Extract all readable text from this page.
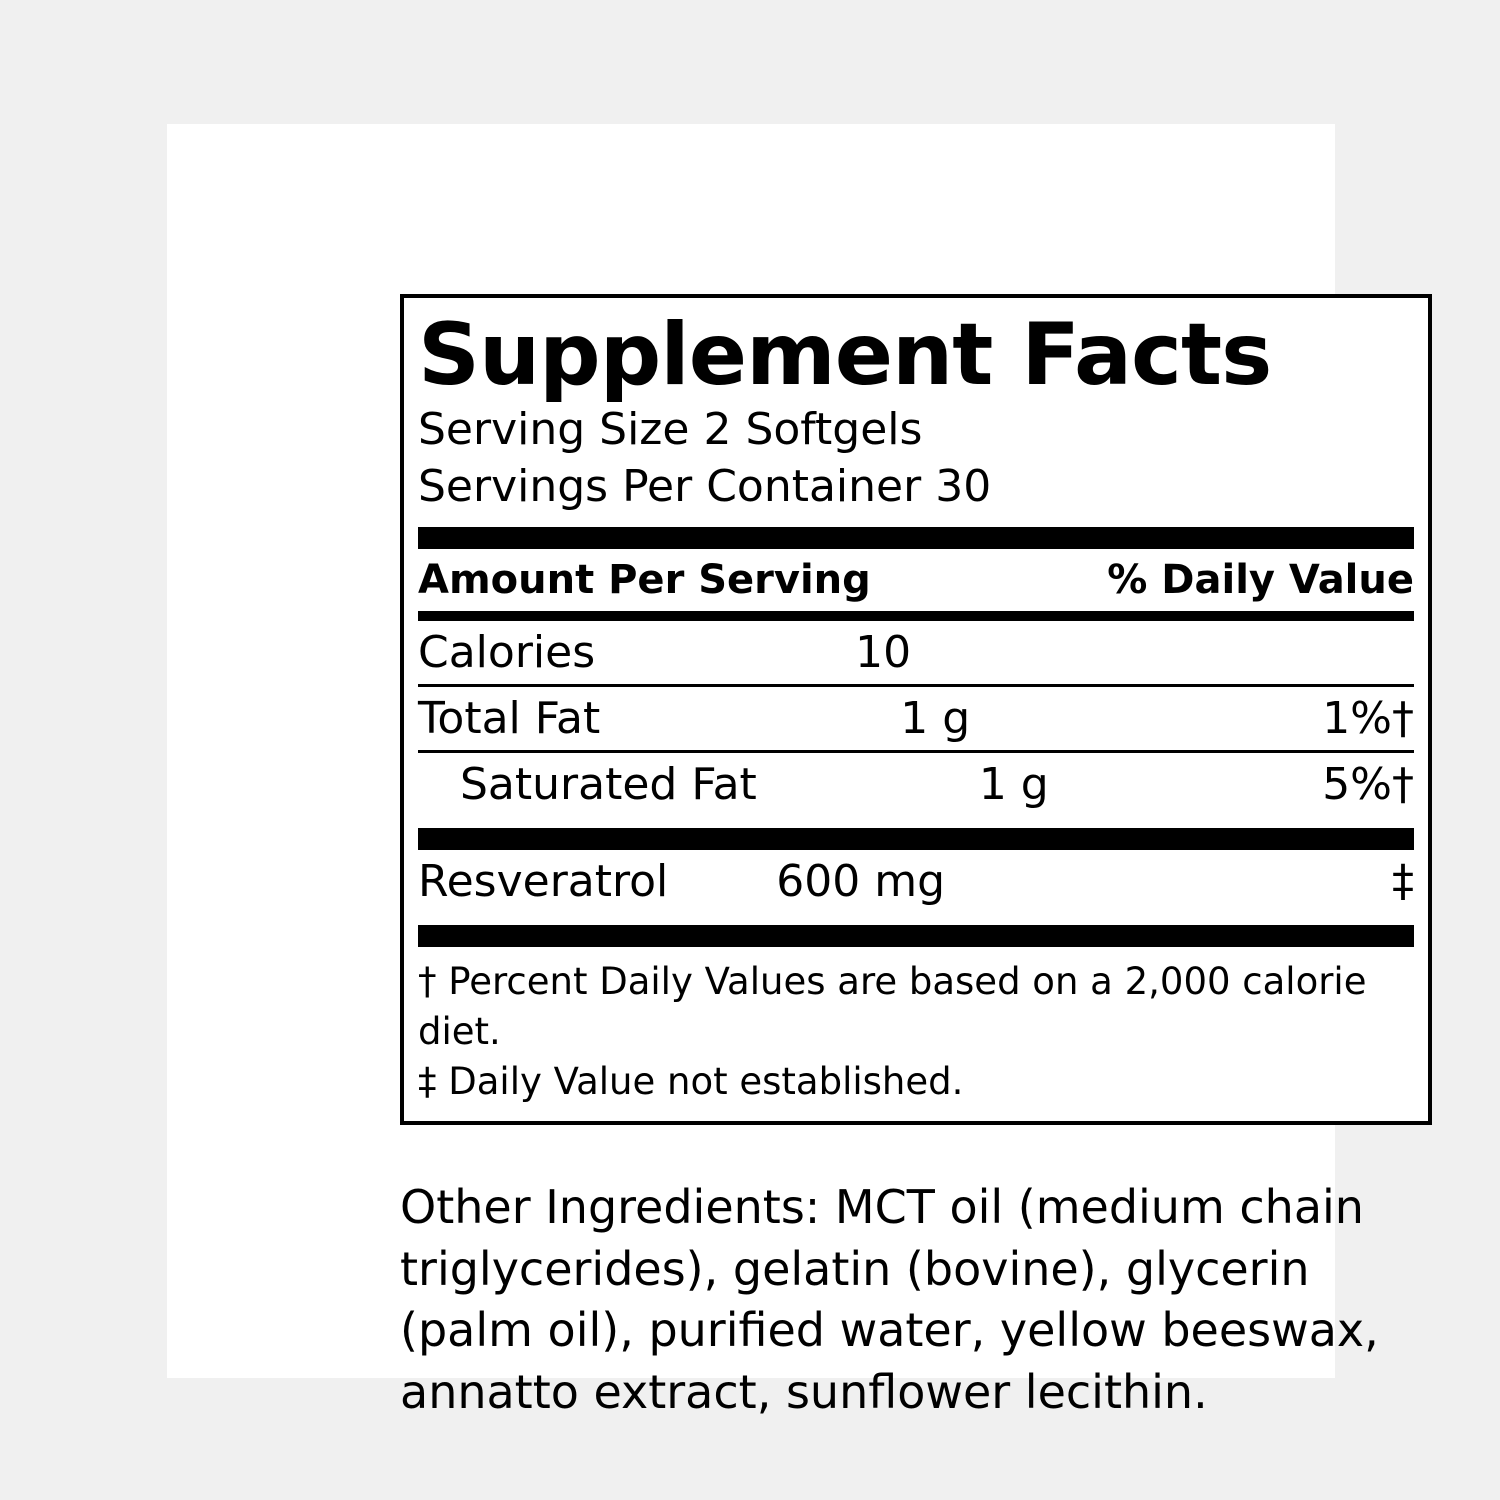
Supplement Facts
Serving Size 2 Softgels
Servings Per Container 30
Amount Per Serving	% Daily Value
Calories	10
Total Fat	1 g	1%†
Saturated Fat	1 g	5%†
Resveratrol	600 mg	‡
† Percent Daily Values are based on a 2,000 calorie diet.
‡ Daily Value not established.
Other Ingredients: MCT oil (medium chain triglycerides), gelatin (bovine), glycerin (palm oil), purified water, yellow beeswax, annatto extract, sunflower lecithin.
